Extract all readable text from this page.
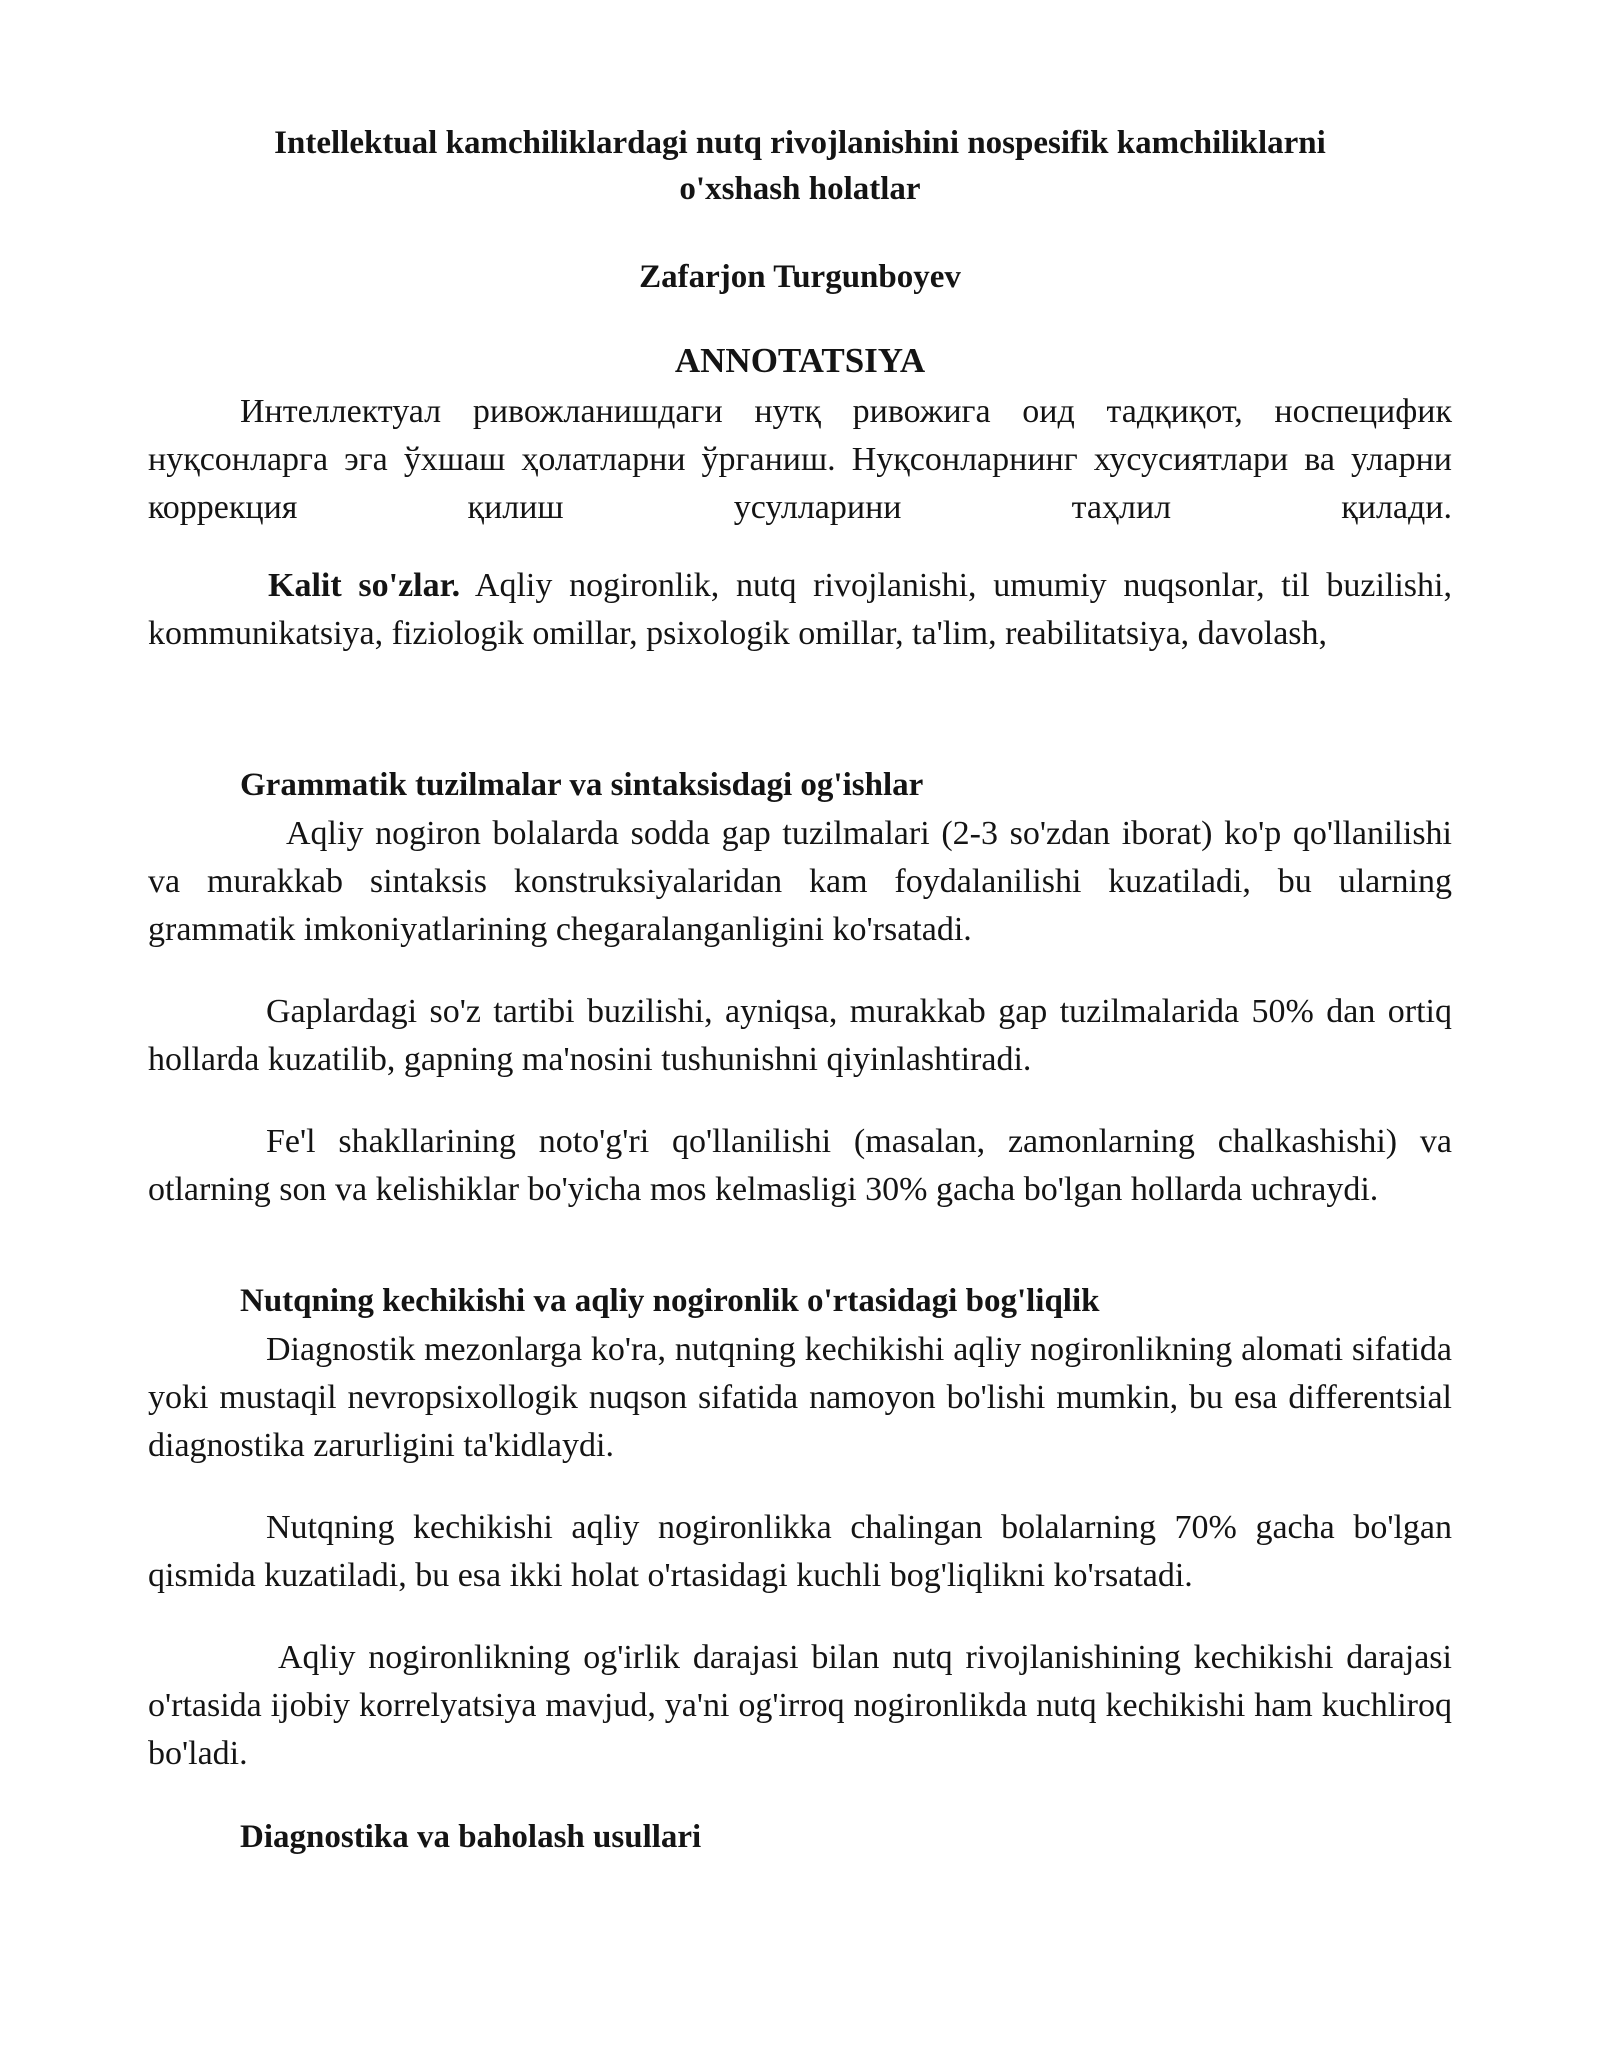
Intellektual kamchiliklardagi nutq rivojlanishini nospesifik kamchiliklarni
o'xshash holatlar

Zafarjon Turgunboyev

ANNOTATSIYA

Интеллектуал ривожланишдаги нутқ ривожига оид тадқиқот, носпецифик нуқсонларга эга ўхшаш ҳолатларни ўрганиш. Нуқсонларнинг хусусиятлари ва уларни коррекция қилиш усулларини таҳлил қилади.

Kalit so'zlar. Aqliy nogironlik, nutq rivojlanishi, umumiy nuqsonlar, til buzilishi, kommunikatsiya, fiziologik omillar, psixologik omillar, ta'lim, reabilitatsiya, davolash,

Grammatik tuzilmalar va sintaksisdagi og'ishlar

Aqliy nogiron bolalarda sodda gap tuzilmalari (2-3 so'zdan iborat) ko'p qo'llanilishi va murakkab sintaksis konstruksiyalaridan kam foydalanilishi kuzatiladi, bu ularning grammatik imkoniyatlarining chegaralanganligini ko'rsatadi.

Gaplardagi so'z tartibi buzilishi, ayniqsa, murakkab gap tuzilmalarida 50% dan ortiq hollarda kuzatilib, gapning ma'nosini tushunishni qiyinlashtiradi.

Fe'l shakllarining noto'g'ri qo'llanilishi (masalan, zamonlarning chalkashishi) va otlarning son va kelishiklar bo'yicha mos kelmasligi 30% gacha bo'lgan hollarda uchraydi.

Nutqning kechikishi va aqliy nogironlik o'rtasidagi bog'liqlik

Diagnostik mezonlarga ko'ra, nutqning kechikishi aqliy nogironlikning alomati sifatida yoki mustaqil nevropsixollogik nuqson sifatida namoyon bo'lishi mumkin, bu esa differentsial diagnostika zarurligini ta'kidlaydi.

Nutqning kechikishi aqliy nogironlikka chalingan bolalarning 70% gacha bo'lgan qismida kuzatiladi, bu esa ikki holat o'rtasidagi kuchli bog'liqlikni ko'rsatadi.

Aqliy nogironlikning og'irlik darajasi bilan nutq rivojlanishining kechikishi darajasi o'rtasida ijobiy korrelyatsiya mavjud, ya'ni og'irroq nogironlikda nutq kechikishi ham kuchliroq bo'ladi.

Diagnostika va baholash usullari
